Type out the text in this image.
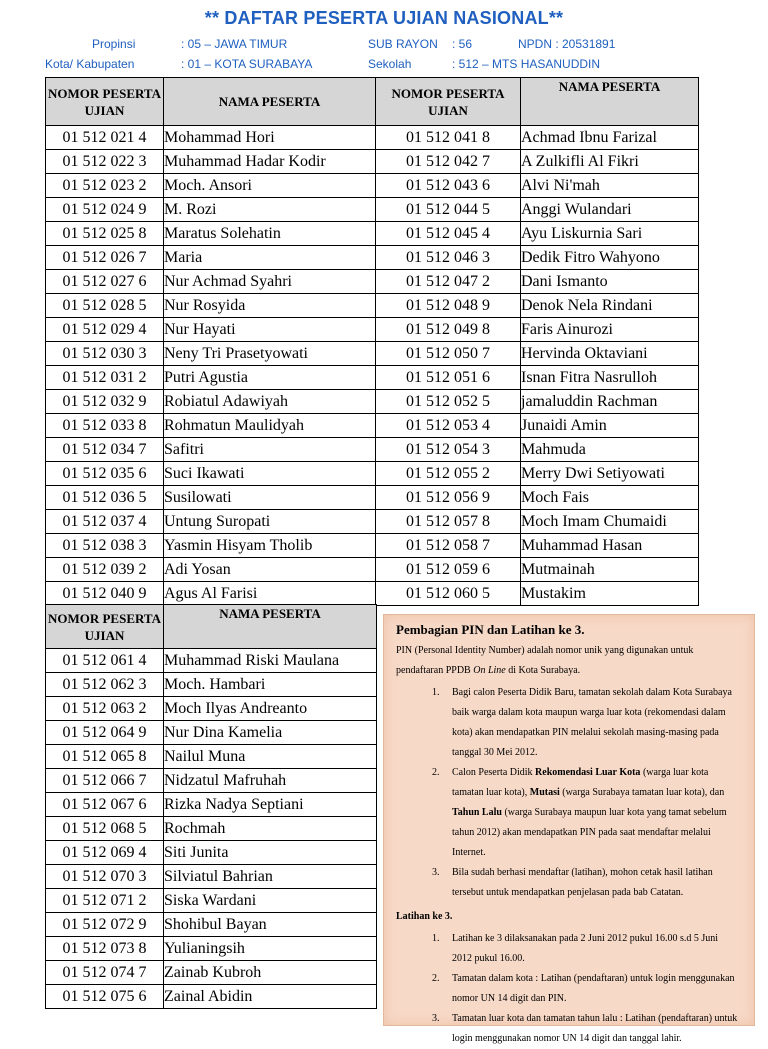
** DAFTAR PESERTA UJIAN NASIONAL**
Propinsi	: 05 – JAWA TIMUR	SUB RAYON : 56	NPDN : 20531891
Kota/ Kabupaten	: 01 – KOTA SURABAYA	Sekolah	: 512 – MTS HASANUDDIN
NOMOR PESERTA UJIAN	NAMA PESERTA	NOMOR PESERTA UJIAN	NAMA PESERTA
01 512 021 4	Mohammad Hori	01 512 041 8	Achmad Ibnu Farizal
01 512 022 3	Muhammad Hadar Kodir	01 512 042 7	A Zulkifli Al Fikri
01 512 023 2	Moch. Ansori	01 512 043 6	Alvi Ni'mah
01 512 024 9	M. Rozi	01 512 044 5	Anggi Wulandari
01 512 025 8	Maratus Solehatin	01 512 045 4	Ayu Liskurnia Sari
01 512 026 7	Maria	01 512 046 3	Dedik Fitro Wahyono
01 512 027 6	Nur Achmad Syahri	01 512 047 2	Dani Ismanto
01 512 028 5	Nur Rosyida	01 512 048 9	Denok Nela Rindani
01 512 029 4	Nur Hayati	01 512 049 8	Faris Ainurozi
01 512 030 3	Neny Tri Prasetyowati	01 512 050 7	Hervinda Oktaviani
01 512 031 2	Putri Agustia	01 512 051 6	Isnan Fitra Nasrulloh
01 512 032 9	Robiatul Adawiyah	01 512 052 5	jamaluddin Rachman
01 512 033 8	Rohmatun Maulidyah	01 512 053 4	Junaidi Amin
01 512 034 7	Safitri	01 512 054 3	Mahmuda
01 512 035 6	Suci Ikawati	01 512 055 2	Merry Dwi Setiyowati
01 512 036 5	Susilowati	01 512 056 9	Moch Fais
01 512 037 4	Untung Suropati	01 512 057 8	Moch Imam Chumaidi
01 512 038 3	Yasmin Hisyam Tholib	01 512 058 7	Muhammad Hasan
01 512 039 2	Adi Yosan	01 512 059 6	Mutmainah
01 512 040 9	Agus Al Farisi	01 512 060 5	Mustakim
NOMOR PESERTA UJIAN	NAMA PESERTA
01 512 061 4	Muhammad Riski Maulana
01 512 062 3	Moch. Hambari
01 512 063 2	Moch Ilyas Andreanto
01 512 064 9	Nur Dina Kamelia
01 512 065 8	Nailul Muna
01 512 066 7	Nidzatul Mafruhah
01 512 067 6	Rizka Nadya Septiani
01 512 068 5	Rochmah
01 512 069 4	Siti Junita
01 512 070 3	Silviatul Bahrian
01 512 071 2	Siska Wardani
01 512 072 9	Shohibul Bayan
01 512 073 8	Yulianingsih
01 512 074 7	Zainab Kubroh
01 512 075 6	Zainal Abidin
Pembagian PIN dan Latihan ke 3.
PIN (Personal Identity Number) adalah nomor unik yang digunakan untuk pendaftaran PPDB On Line di Kota Surabaya.
1. Bagi calon Peserta Didik Baru, tamatan sekolah dalam Kota Surabaya baik warga dalam kota maupun warga luar kota (rekomendasi dalam kota) akan mendapatkan PIN melalui sekolah masing-masing pada tanggal 30 Mei 2012.
2. Calon Peserta Didik Rekomendasi Luar Kota (warga luar kota tamatan luar kota), Mutasi (warga Surabaya tamatan luar kota), dan Tahun Lalu (warga Surabaya maupun luar kota yang tamat sebelum tahun 2012) akan mendapatkan PIN pada saat mendaftar melalui Internet.
3. Bila sudah berhasi mendaftar (latihan), mohon cetak hasil latihan tersebut untuk mendapatkan penjelasan pada bab Catatan.
Latihan ke 3.
1. Latihan ke 3 dilaksanakan pada 2 Juni 2012 pukul 16.00 s.d 5 Juni 2012 pukul 16.00.
2. Tamatan dalam kota : Latihan (pendaftaran) untuk login menggunakan nomor UN 14 digit dan PIN.
3. Tamatan luar kota dan tamatan tahun lalu : Latihan (pendaftaran) untuk login menggunakan nomor UN 14 digit dan tanggal lahir.
